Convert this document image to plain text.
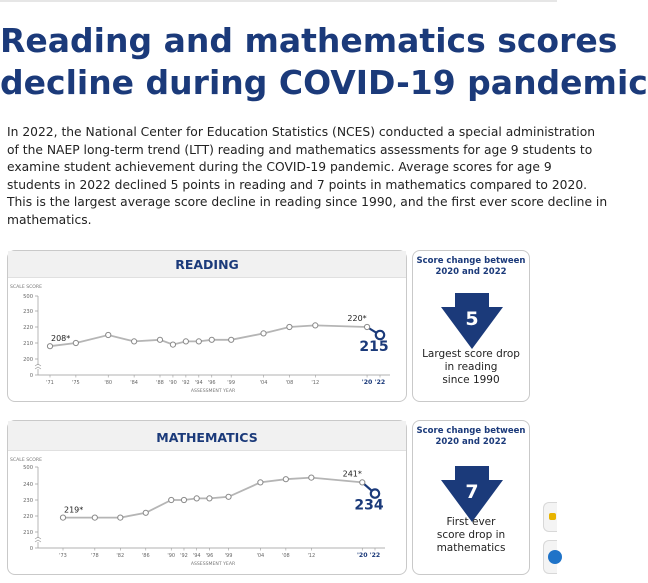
Reading and mathematics scores
decline during COVID-19 pandemic
In 2022, the National Center for Education Statistics (NCES) conducted a special administration
of the NAEP long-term trend (LTT) reading and mathematics assessments for age 9 students to
examine student achievement during the COVID-19 pandemic. Average scores for age 9
students in 2022 declined 5 points in reading and 7 points in mathematics compared to 2020.
This is the largest average score decline in reading since 1990, and the first ever score decline in
mathematics.
READING
SCALE SCORE
ASSESSMENT YEAR
0
200
210
220
230
500
'71	'75	'80	'84	'88 '90 '92 '94 '96 '99	'04	'08	'12	'20 '22
208*
220*
215
Score change between 2020 and 2022
5
Largest score drop
in reading
since 1990
MATHEMATICS
SCALE SCORE
ASSESSMENT YEAR
0
210
220
230
240
500
'73	'78	'82	'86	'90 '92 '94 '96 '99	'04	'08	'12	'20 '22
219*
241*
234
Score change between 2020 and 2022
7
First ever
score drop in
mathematics
